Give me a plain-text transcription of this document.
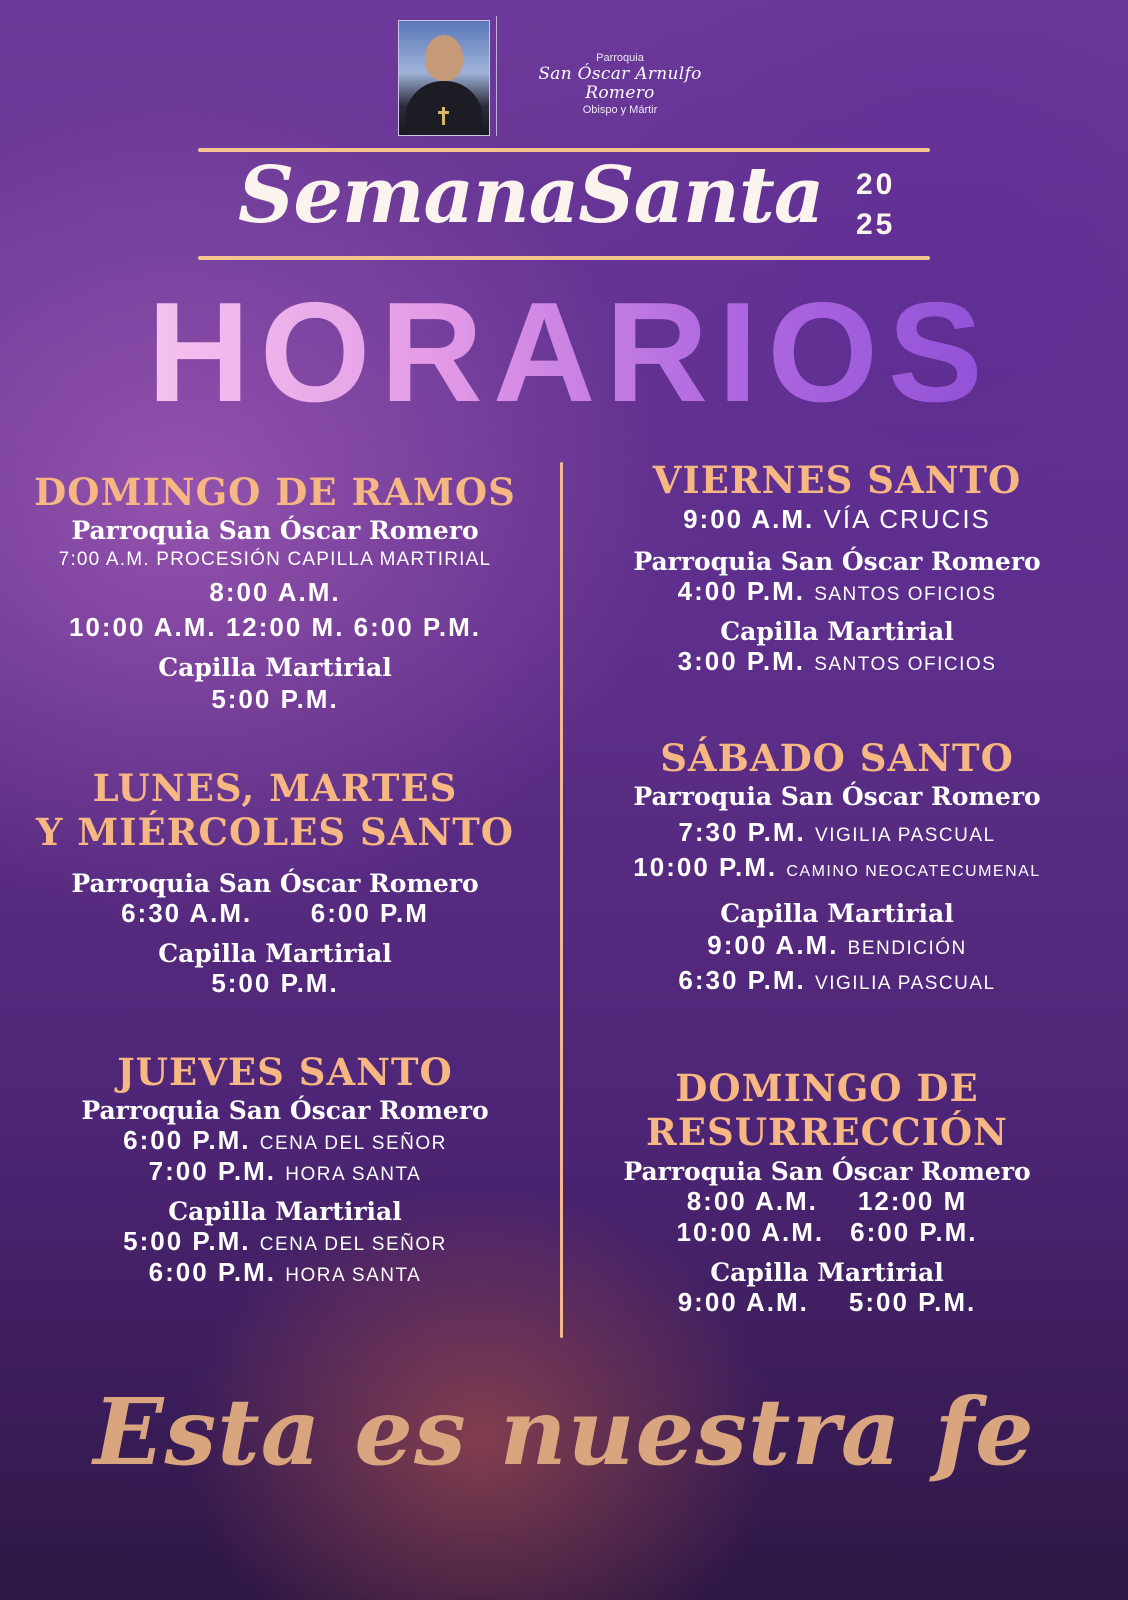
Parroquia
San Óscar Arnulfo Romero
Obispo y Mártir
SemanaSanta 20
25
HORARIOS
DOMINGO DE RAMOS
Parroquia San Óscar Romero
7:00 A.M. PROCESIÓN CAPILLA MARTIRIAL
8:00 A.M.
10:00 A.M. 12:00 M. 6:00 P.M.
Capilla Martirial
5:00 P.M.
LUNES, MARTES
Y MIÉRCOLES SANTO
Parroquia San Óscar Romero
6:30 A.M. 6:00 P.M
Capilla Martirial
5:00 P.M.
JUEVES SANTO
Parroquia San Óscar Romero
6:00 P.M. CENA DEL SEÑOR
7:00 P.M. HORA SANTA
Capilla Martirial
5:00 P.M. CENA DEL SEÑOR
6:00 P.M. HORA SANTA
VIERNES SANTO
9:00 A.M. VÍA CRUCIS
Parroquia San Óscar Romero
4:00 P.M. SANTOS OFICIOS
Capilla Martirial
3:00 P.M. SANTOS OFICIOS
SÁBADO SANTO
Parroquia San Óscar Romero
7:30 P.M. VIGILIA PASCUAL
10:00 P.M. CAMINO NEOCATECUMENAL
Capilla Martirial
9:00 A.M. BENDICIÓN
6:30 P.M. VIGILIA PASCUAL
DOMINGO DE
RESURRECCIÓN
Parroquia San Óscar Romero
8:00 A.M. 12:00 M
10:00 A.M. 6:00 P.M.
Capilla Martirial
9:00 A.M. 5:00 P.M.
Esta es nuestra fe
